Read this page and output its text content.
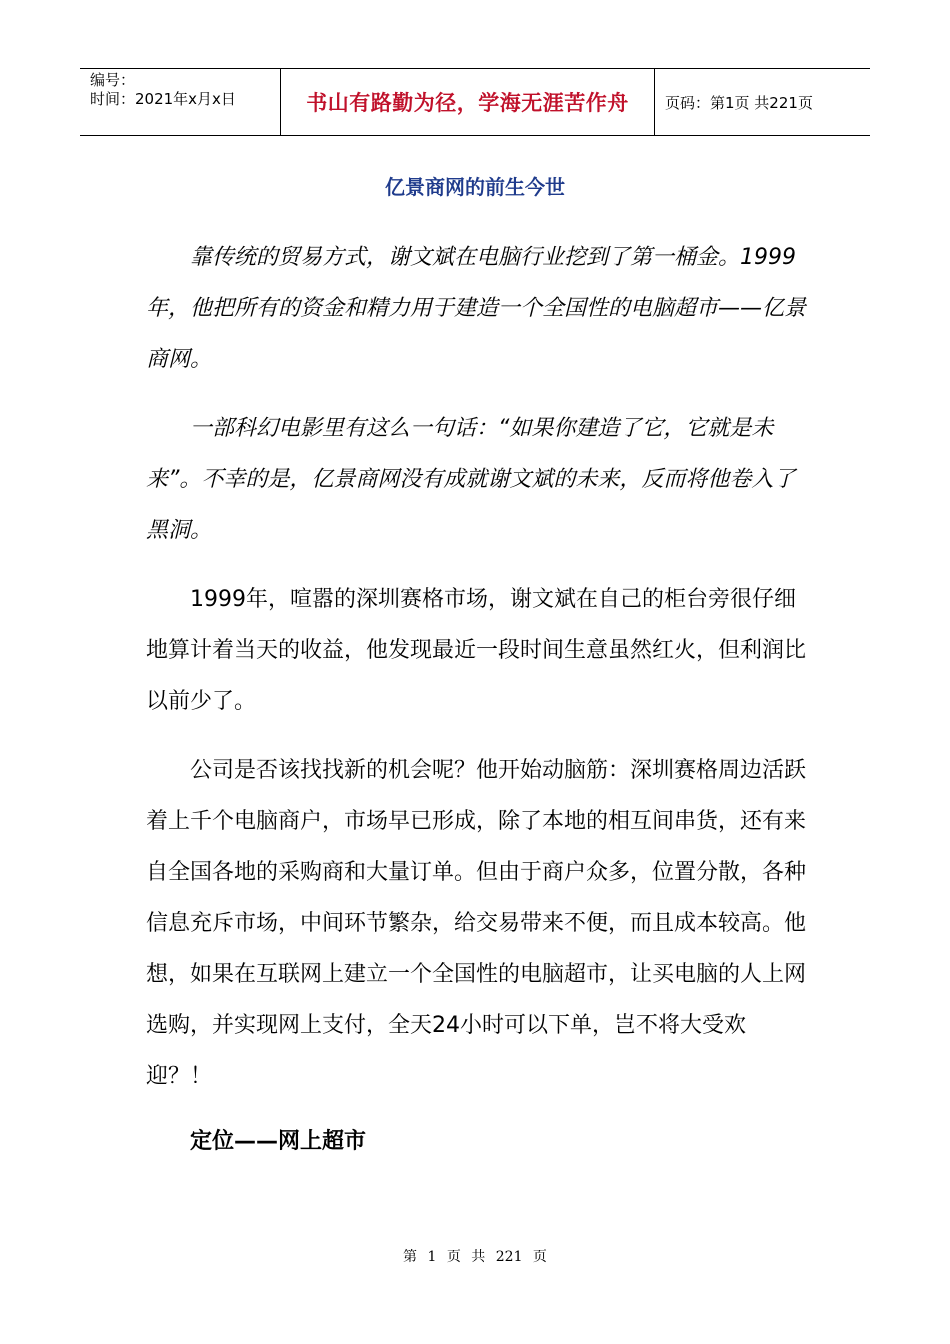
编号：
时间：2021年x月x日	书山有路勤为径，学海无涯苦作舟	页码：第1页 共221页
亿景商网的前生今世

靠传统的贸易方式，谢文斌在电脑行业挖到了第一桶金。1999年，他把所有的资金和精力用于建造一个全国性的电脑超市——亿景商网。

一部科幻电影里有这么一句话：“如果你建造了它，它就是未来”。不幸的是，亿景商网没有成就谢文斌的未来，反而将他卷入了黑洞。

1999年，喧嚣的深圳赛格市场，谢文斌在自己的柜台旁很仔细地算计着当天的收益，他发现最近一段时间生意虽然红火，但利润比以前少了。

公司是否该找找新的机会呢？他开始动脑筋：深圳赛格周边活跃着上千个电脑商户，市场早已形成，除了本地的相互间串货，还有来自全国各地的采购商和大量订单。但由于商户众多，位置分散，各种信息充斥市场，中间环节繁杂，给交易带来不便，而且成本较高。他想，如果在互联网上建立一个全国性的电脑超市，让买电脑的人上网选购，并实现网上支付，全天24小时可以下单，岂不将大受欢迎？！

定位——网上超市
第 1 页 共 221 页
